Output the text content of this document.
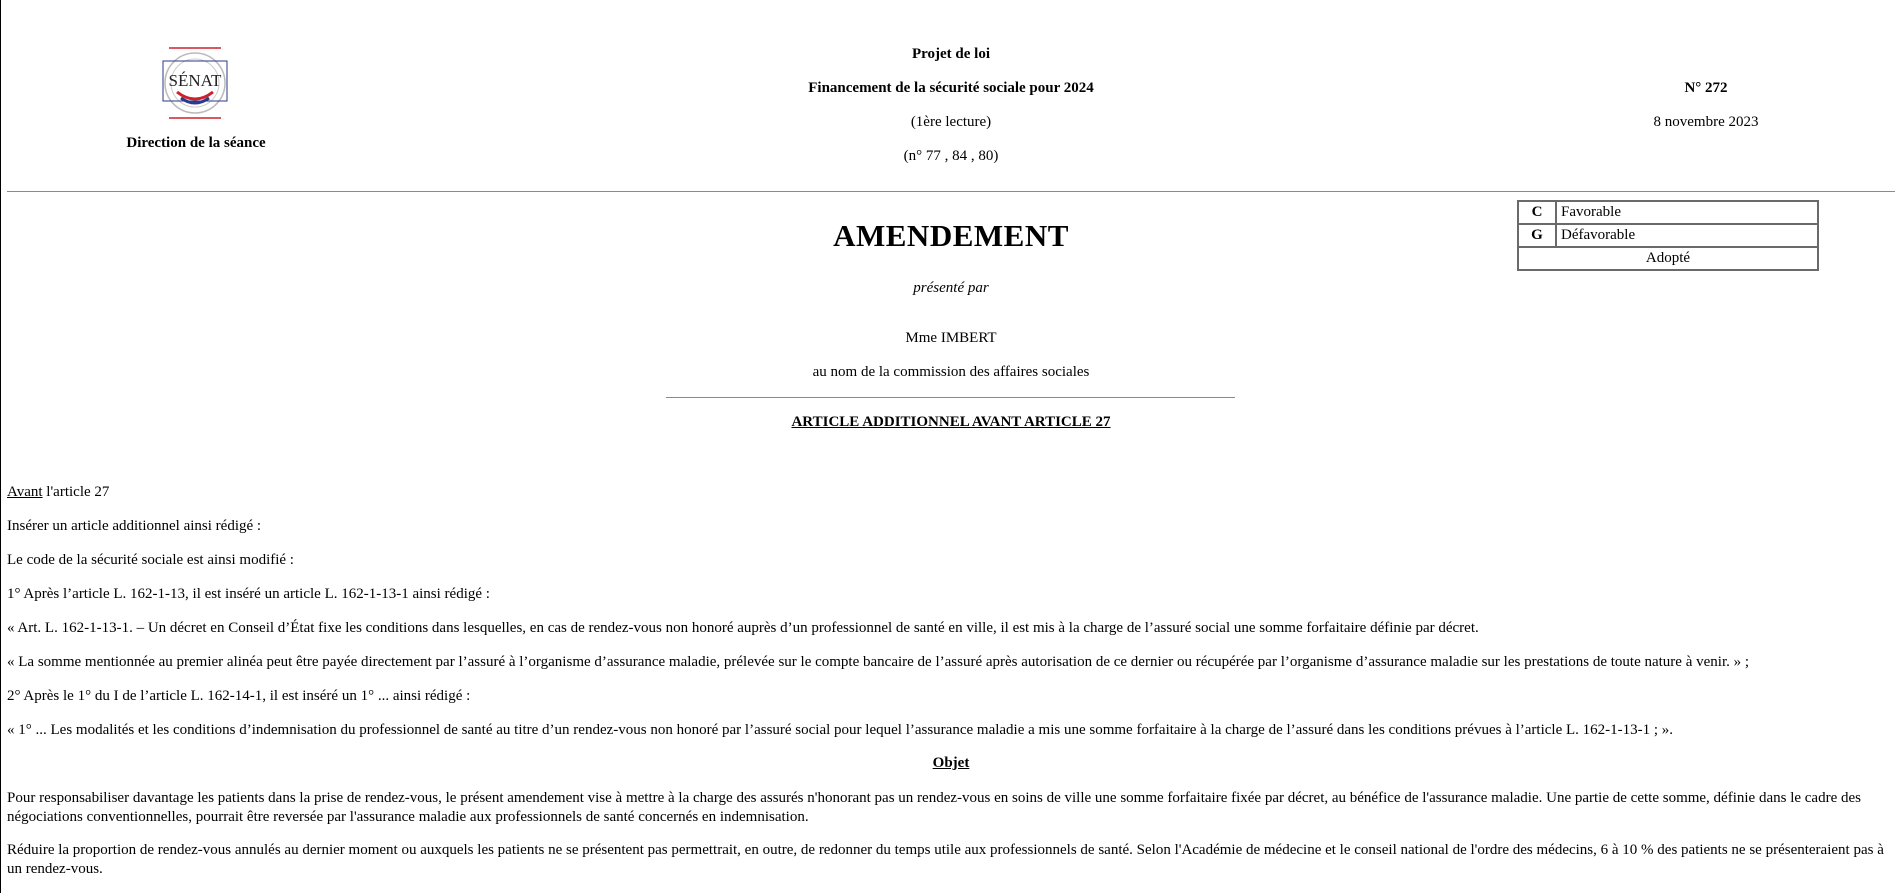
SÉNAT
Direction de la séance
Projet de loi
Financement de la sécurité sociale pour 2024
(1ère lecture)
(n° 77 , 84 , 80)
N° 272
8 novembre 2023
C	Favorable
G	Défavorable
Adopté	
AMENDEMENT
présenté par
Mme IMBERT
au nom de la commission des affaires sociales
ARTICLE ADDITIONNEL AVANT ARTICLE 27
Avant l'article 27
Insérer un article additionnel ainsi rédigé :
Le code de la sécurité sociale est ainsi modifié :
1° Après l’article L. 162-1-13, il est inséré un article L. 162-1-13-1 ainsi rédigé :
« Art. L. 162-1-13-1. – Un décret en Conseil d’État fixe les conditions dans lesquelles, en cas de rendez-vous non honoré auprès d’un professionnel de santé en ville, il est mis à la charge de l’assuré social une somme forfaitaire définie par décret.
« La somme mentionnée au premier alinéa peut être payée directement par l’assuré à l’organisme d’assurance maladie, prélevée sur le compte bancaire de l’assuré après autorisation de ce dernier ou récupérée par l’organisme d’assurance maladie sur les prestations de toute nature à venir. » ;
2° Après le 1° du I de l’article L. 162-14-1, il est inséré un 1° ... ainsi rédigé :
« 1° ... Les modalités et les conditions d’indemnisation du professionnel de santé au titre d’un rendez-vous non honoré par l’assuré social pour lequel l’assurance maladie a mis une somme forfaitaire à la charge de l’assuré dans les conditions prévues à l’article L. 162-1-13-1 ; ».
Objet
Pour responsabiliser davantage les patients dans la prise de rendez-vous, le présent amendement vise à mettre à la charge des assurés n'honorant pas un rendez-vous en soins de ville une somme forfaitaire fixée par décret, au bénéfice de l'assurance maladie. Une partie de cette somme, définie dans le cadre des négociations conventionnelles, pourrait être reversée par l'assurance maladie aux professionnels de santé concernés en indemnisation.
Réduire la proportion de rendez-vous annulés au dernier moment ou auxquels les patients ne se présentent pas permettrait, en outre, de redonner du temps utile aux professionnels de santé. Selon l'Académie de médecine et le conseil national de l'ordre des médecins, 6 à 10 % des patients ne se présenteraient pas à un rendez-vous.
